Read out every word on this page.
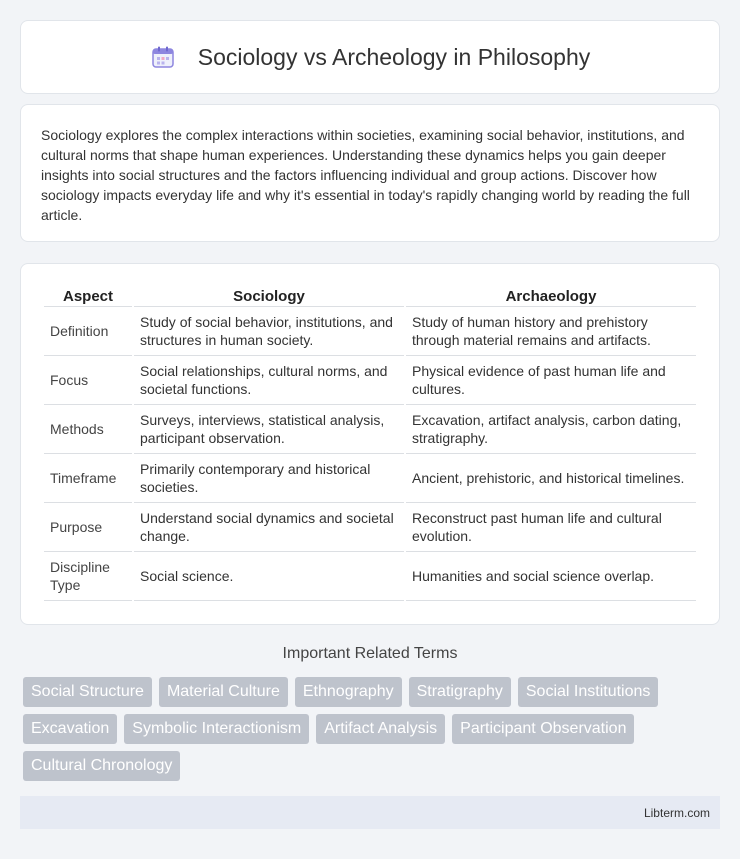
Sociology vs Archeology in Philosophy

Sociology explores the complex interactions within societies, examining social behavior, institutions, and cultural norms that shape human experiences. Understanding these dynamics helps you gain deeper insights into social structures and the factors influencing individual and group actions. Discover how sociology impacts everyday life and why it's essential in today's rapidly changing world by reading the full article.

Aspect	Sociology	Archaeology
Definition	Study of social behavior, institutions, and structures in human society.	Study of human history and prehistory through material remains and artifacts.
Focus	Social relationships, cultural norms, and societal functions.	Physical evidence of past human life and cultures.
Methods	Surveys, interviews, statistical analysis, participant observation.	Excavation, artifact analysis, carbon dating, stratigraphy.
Timeframe	Primarily contemporary and historical societies.	Ancient, prehistoric, and historical timelines.
Purpose	Understand social dynamics and societal change.	Reconstruct past human life and cultural evolution.
Discipline Type	Social science.	Humanities and social science overlap.
Important Related Terms
Social Structure	Material Culture	Ethnography	Stratigraphy	Social Institutions
Excavation	Symbolic Interactionism	Artifact Analysis	Participant Observation
Cultural Chronology
Libterm.com
